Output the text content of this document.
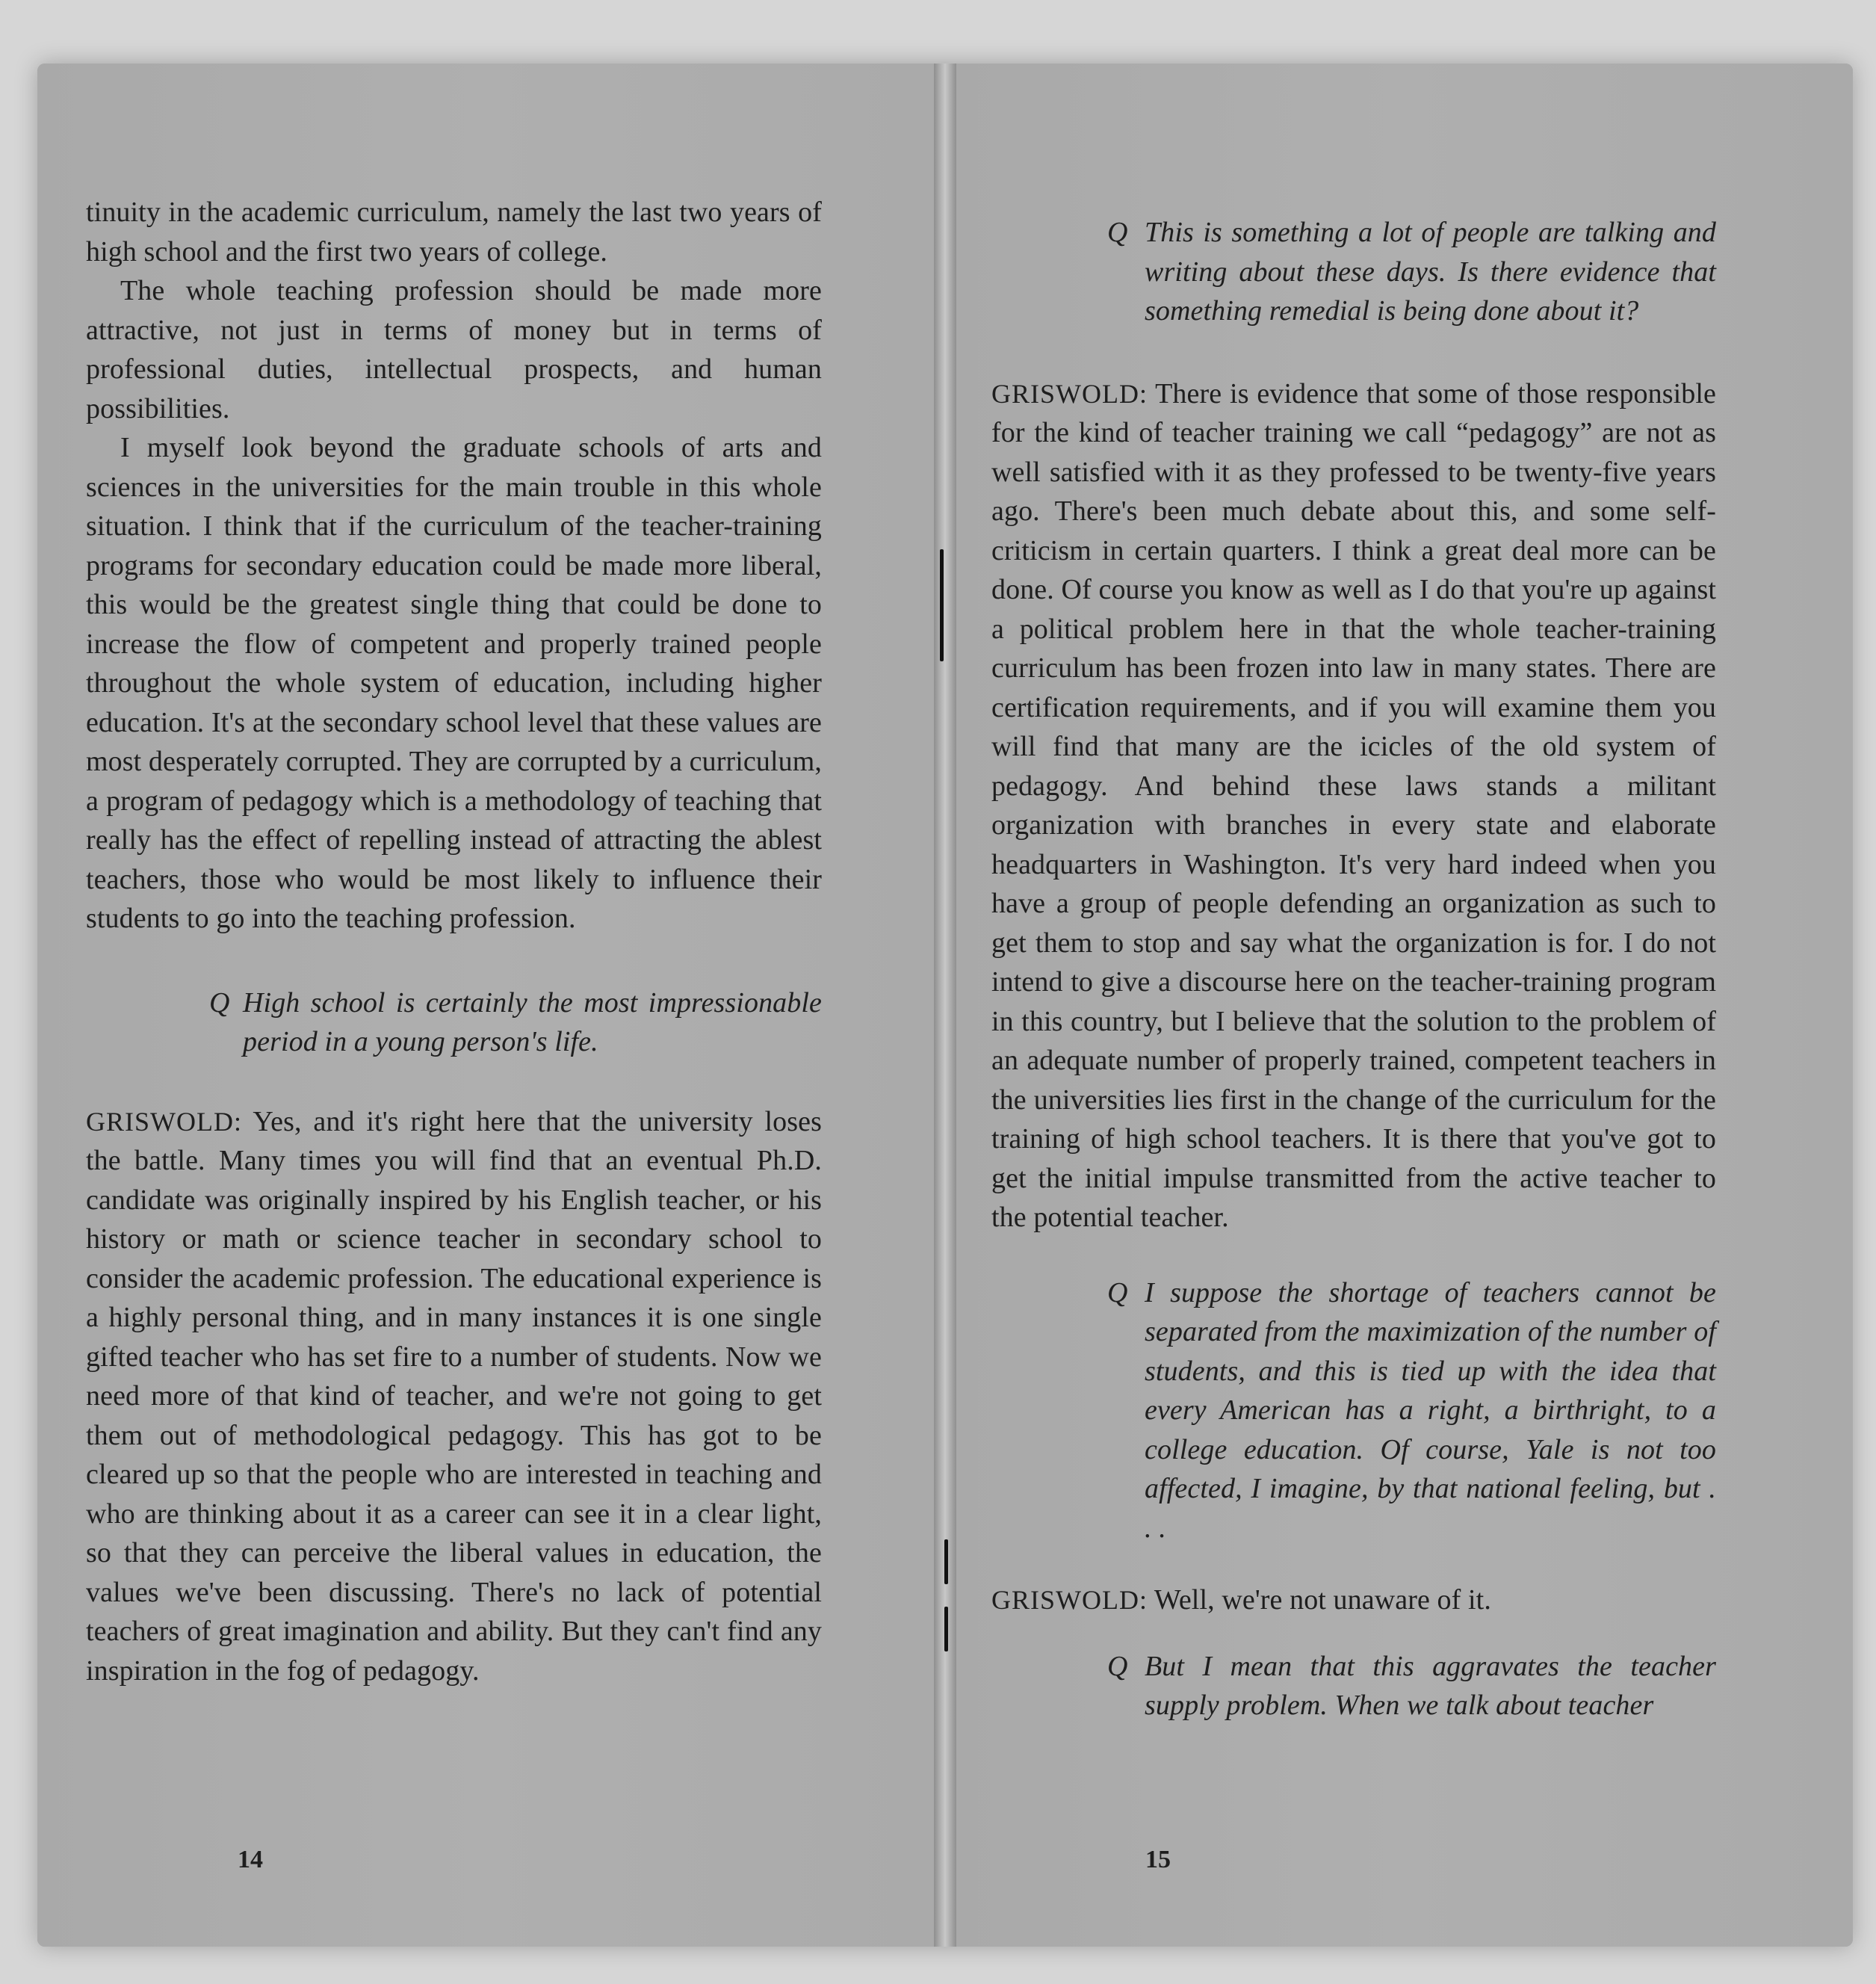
tinuity in the academic curriculum, namely the last two years of high school and the first two years of college.

The whole teaching profession should be made more attractive, not just in terms of money but in terms of professional duties, intellectual prospects, and human possibilities.

I myself look beyond the graduate schools of arts and sciences in the universities for the main trouble in this whole situation. I think that if the curriculum of the teacher-training programs for secondary education could be made more liberal, this would be the greatest single thing that could be done to increase the flow of competent and properly trained people throughout the whole system of education, including higher education. It's at the secondary school level that these values are most desperately corrupted. They are corrupted by a curriculum, a program of pedagogy which is a methodology of teaching that really has the effect of repelling instead of attracting the ablest teachers, those who would be most likely to influence their students to go into the teaching profession.

Q High school is certainly the most impressionable period in a young person's life.

GRISWOLD: Yes, and it's right here that the university loses the battle. Many times you will find that an eventual Ph.D. candidate was originally inspired by his English teacher, or his history or math or science teacher in secondary school to consider the academic profession. The educational experience is a highly personal thing, and in many instances it is one single gifted teacher who has set fire to a number of students. Now we need more of that kind of teacher, and we're not going to get them out of methodological pedagogy. This has got to be cleared up so that the people who are interested in teaching and who are thinking about it as a career can see it in a clear light, so that they can perceive the liberal values in education, the values we've been discussing. There's no lack of potential teachers of great imagination and ability. But they can't find any inspiration in the fog of pedagogy.

14

Q This is something a lot of people are talking and writing about these days. Is there evidence that something remedial is being done about it?

GRISWOLD: There is evidence that some of those responsible for the kind of teacher training we call “pedagogy” are not as well satisfied with it as they professed to be twenty-five years ago. There's been much debate about this, and some self-criticism in certain quarters. I think a great deal more can be done. Of course you know as well as I do that you're up against a political problem here in that the whole teacher-training curriculum has been frozen into law in many states. There are certification requirements, and if you will examine them you will find that many are the icicles of the old system of pedagogy. And behind these laws stands a militant organization with branches in every state and elaborate headquarters in Washington. It's very hard indeed when you have a group of people defending an organization as such to get them to stop and say what the organization is for. I do not intend to give a discourse here on the teacher-training program in this country, but I believe that the solution to the problem of an adequate number of properly trained, competent teachers in the universities lies first in the change of the curriculum for the training of high school teachers. It is there that you've got to get the initial impulse transmitted from the active teacher to the potential teacher.

Q I suppose the shortage of teachers cannot be separated from the maximization of the number of students, and this is tied up with the idea that every American has a right, a birthright, to a college education. Of course, Yale is not too affected, I imagine, by that national feeling, but . . .

GRISWOLD: Well, we're not unaware of it.

Q But I mean that this aggravates the teacher supply problem. When we talk about teacher

15
